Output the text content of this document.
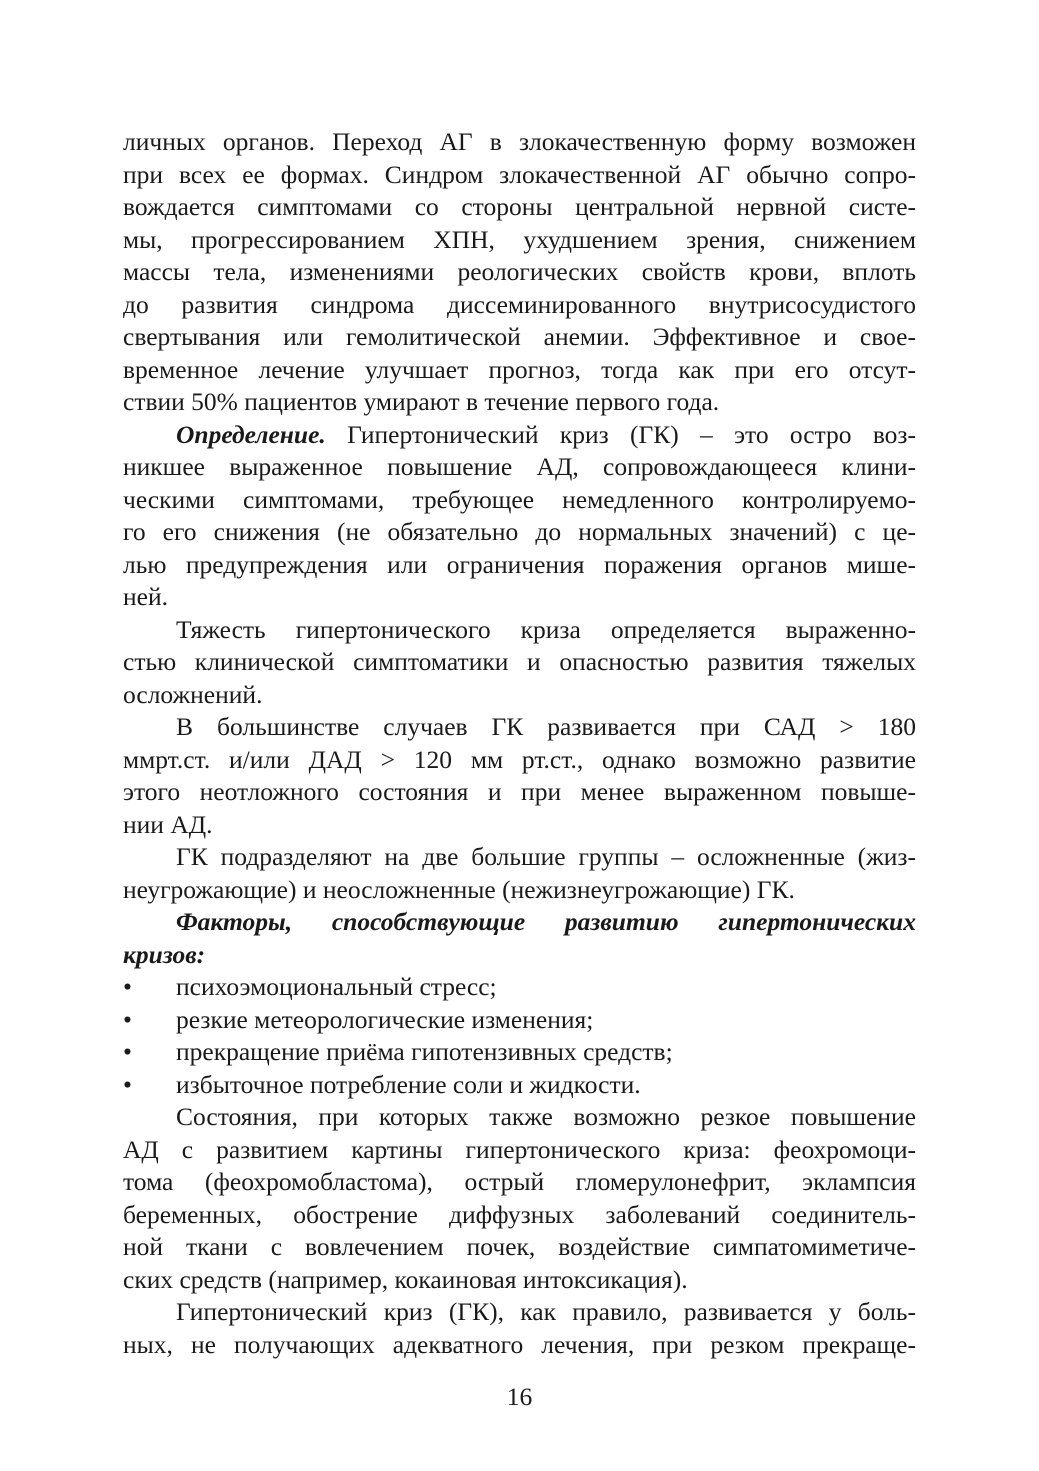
личных органов. Переход АГ в злокачественную форму возможен
при всех ее формах. Синдром злокачественной АГ обычно сопро-
вождается симптомами со стороны центральной нервной систе-
мы, прогрессированием ХПН, ухудшением зрения, снижением
массы тела, изменениями реологических свойств крови, вплоть
до развития синдрома диссеминированного внутрисосудистого
свертывания или гемолитической анемии. Эффективное и свое-
временное лечение улучшает прогноз, тогда как при его отсут-
ствии 50% пациентов умирают в течение первого года.
Определение. Гипертонический криз (ГК) – это остро воз-
никшее выраженное повышение АД, сопровождающееся клини-
ческими симптомами, требующее немедленного контролируемо-
го его снижения (не обязательно до нормальных значений) с це-
лью предупреждения или ограничения поражения органов мише-
ней.
Тяжесть гипертонического криза определяется выраженно-
стью клинической симптоматики и опасностью развития тяжелых
осложнений.
В большинстве случаев ГК развивается при САД > 180
ммрт.ст. и/или ДАД > 120 мм рт.ст., однако возможно развитие
этого неотложного состояния и при менее выраженном повыше-
нии АД.
ГК подразделяют на две большие группы – осложненные (жиз-
неугрожающие) и неосложненные (нежизнеугрожающие) ГК.
Факторы, способствующие развитию гипертонических
кризов:
• психоэмоциональный стресс;
• резкие метеорологические изменения;
• прекращение приёма гипотензивных средств;
• избыточное потребление соли и жидкости.
Состояния, при которых также возможно резкое повышение
АД с развитием картины гипертонического криза: феохромоци-
тома (феохромобластома), острый гломерулонефрит, эклампсия
беременных, обострение диффузных заболеваний соединитель-
ной ткани с вовлечением почек, воздействие симпатомиметиче-
ских средств (например, кокаиновая интоксикация).
Гипертонический криз (ГК), как правило, развивается у боль-
ных, не получающих адекватного лечения, при резком прекраще-
16
